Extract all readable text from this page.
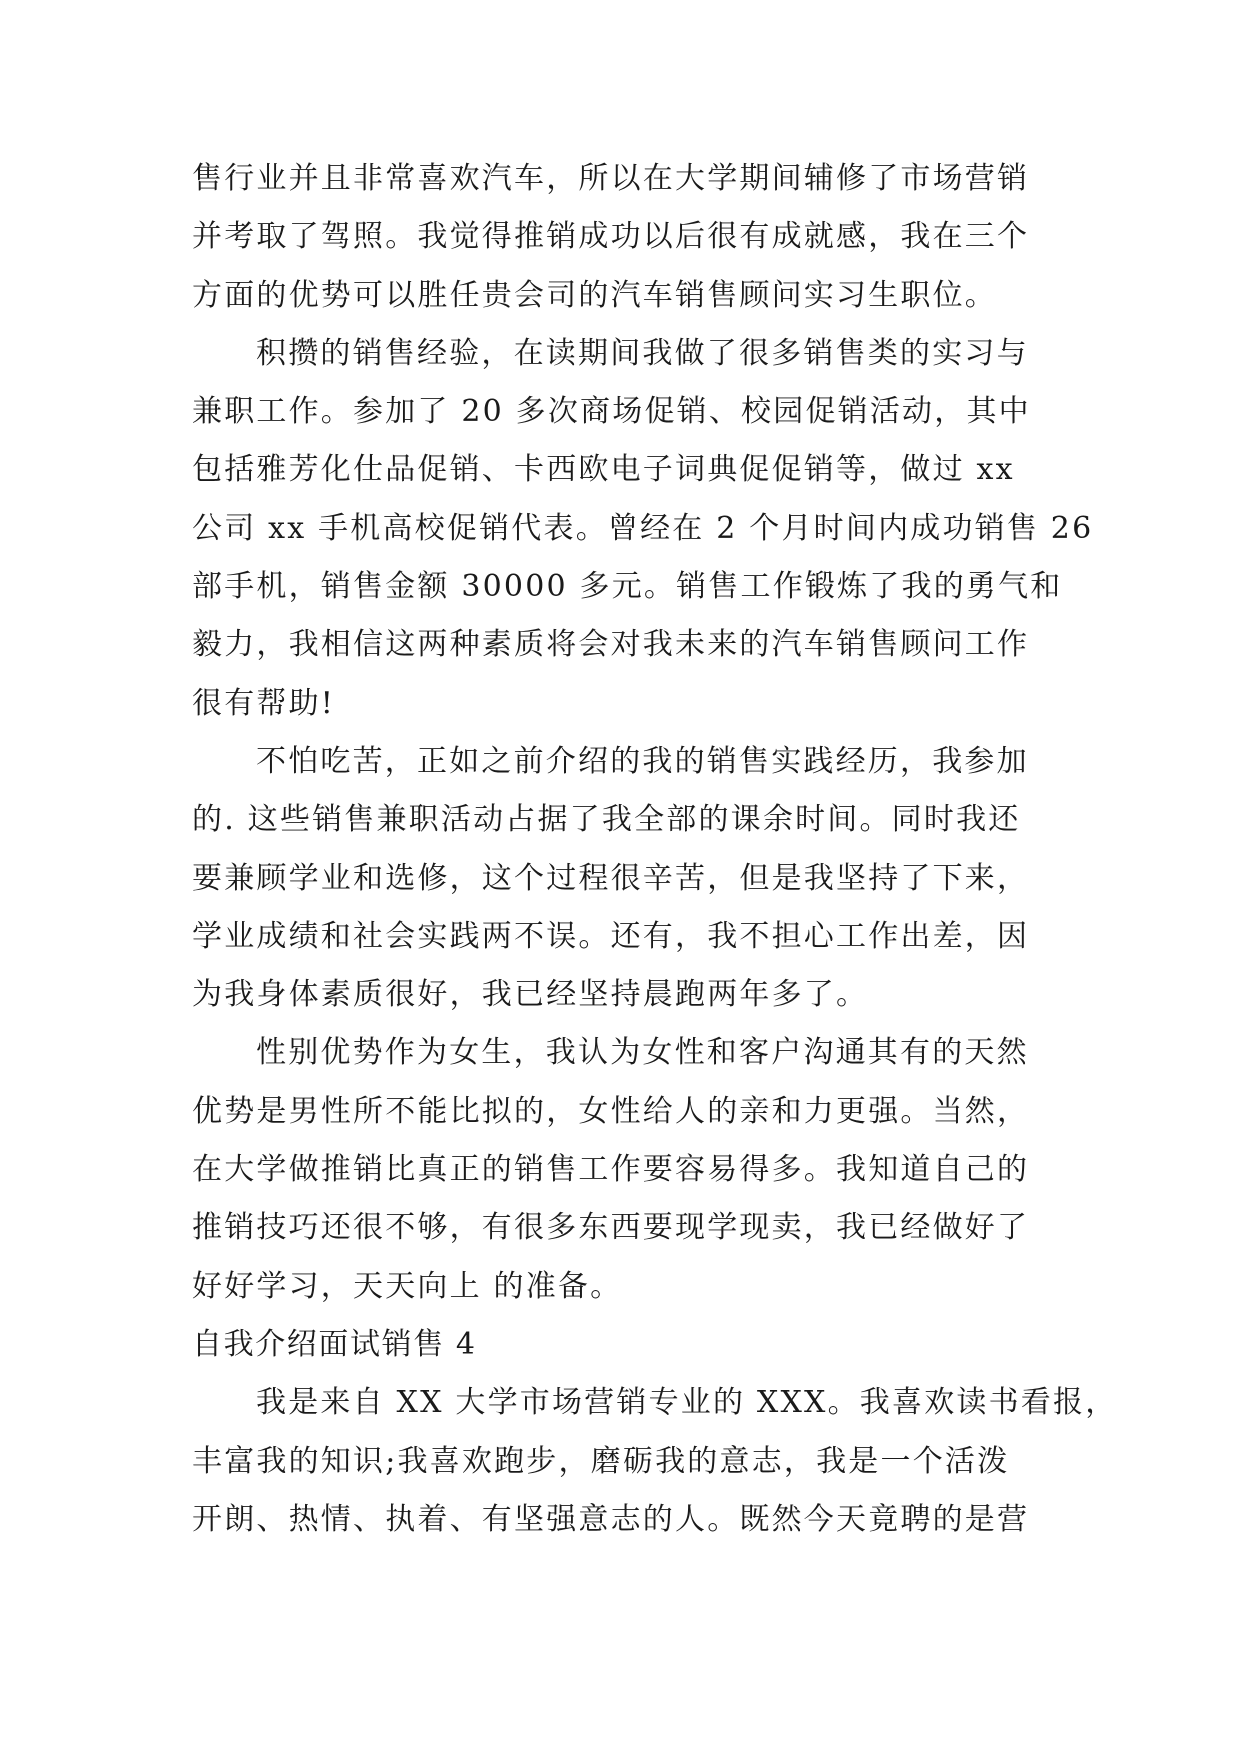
售行业并且非常喜欢汽车，所以在大学期间辅修了市场营销
并考取了驾照。我觉得推销成功以后很有成就感，我在三个
方面的优势可以胜任贵会司的汽车销售顾问实习生职位。
积攒的销售经验，在读期间我做了很多销售类的实习与
兼职工作。参加了 20 多次商场促销、校园促销活动，其中
包括雅芳化仕品促销、卡西欧电子词典促促销等，做过 xx
公司 xx 手机高校促销代表。曾经在 2 个月时间内成功销售 26
部手机，销售金额 30000 多元。销售工作锻炼了我的勇气和
毅力，我相信这两种素质将会对我未来的汽车销售顾问工作
很有帮助!
不怕吃苦，正如之前介绍的我的销售实践经历，我参加
的. 这些销售兼职活动占据了我全部的课余时间。同时我还
要兼顾学业和选修，这个过程很辛苦，但是我坚持了下来，
学业成绩和社会实践两不误。还有，我不担心工作出差，因
为我身体素质很好，我已经坚持晨跑两年多了。
性别优势作为女生，我认为女性和客户沟通其有的天然
优势是男性所不能比拟的，女性给人的亲和力更强。当然，
在大学做推销比真正的销售工作要容易得多。我知道自己的
推销技巧还很不够，有很多东西要现学现卖，我已经做好了
好好学习，天天向上 的准备。
自我介绍面试销售 4
我是来自 XX 大学市场营销专业的 XXX。我喜欢读书看报，
丰富我的知识;我喜欢跑步，磨砺我的意志，我是一个活泼
开朗、热情、执着、有坚强意志的人。既然今天竟聘的是营
